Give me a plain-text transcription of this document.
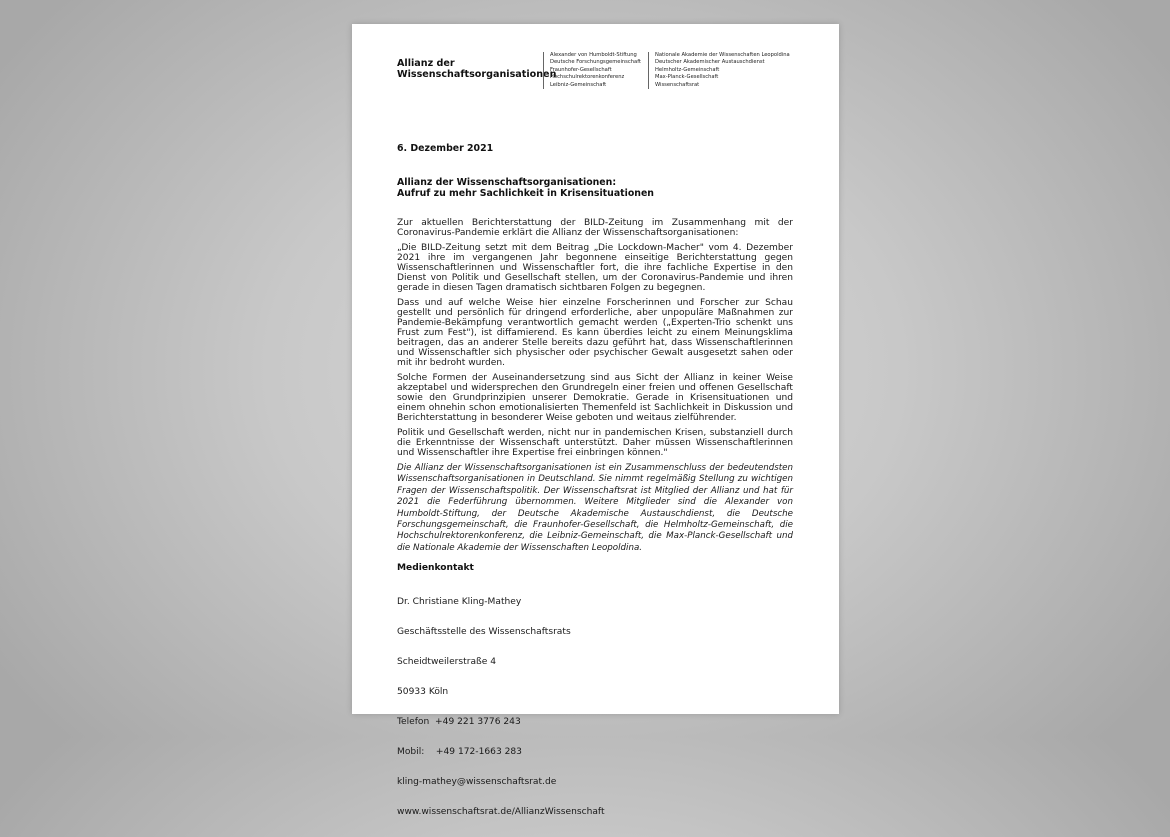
Allianz der
Wissenschaftsorganisationen
Alexander von Humboldt-Stiftung
Deutsche Forschungsgemeinschaft
Fraunhofer-Gesellschaft
Hochschulrektorenkonferenz
Leibniz-Gemeinschaft
Nationale Akademie der Wissenschaften Leopoldina
Deutscher Akademischer Austauschdienst
Helmholtz-Gemeinschaft
Max-Planck-Gesellschaft
Wissenschaftsrat
6. Dezember 2021
Allianz der Wissenschaftsorganisationen:
Aufruf zu mehr Sachlichkeit in Krisensituationen

Zur aktuellen Berichterstattung der BILD-Zeitung im Zusammenhang mit der Coronavirus-Pandemie erklärt die Allianz der Wissenschaftsorganisationen:

„Die BILD-Zeitung setzt mit dem Beitrag „Die Lockdown-Macher" vom 4. Dezember 2021 ihre im vergangenen Jahr begonnene einseitige Berichterstattung gegen Wissenschaftlerinnen und Wissenschaftler fort, die ihre fachliche Expertise in den Dienst von Politik und Gesellschaft stellen, um der Coronavirus-Pandemie und ihren gerade in diesen Tagen dramatisch sichtbaren Folgen zu begegnen.

Dass und auf welche Weise hier einzelne Forscherinnen und Forscher zur Schau gestellt und persönlich für dringend erforderliche, aber unpopuläre Maßnahmen zur Pandemie-Bekämpfung verantwortlich gemacht werden („Experten-Trio schenkt uns Frust zum Fest"), ist diffamierend. Es kann überdies leicht zu einem Meinungsklima beitragen, das an anderer Stelle bereits dazu geführt hat, dass Wissenschaftlerinnen und Wissenschaftler sich physischer oder psychischer Gewalt ausgesetzt sahen oder mit ihr bedroht wurden.

Solche Formen der Auseinandersetzung sind aus Sicht der Allianz in keiner Weise akzeptabel und widersprechen den Grundregeln einer freien und offenen Gesellschaft sowie den Grundprinzipien unserer Demokratie. Gerade in Krisensituationen und einem ohnehin schon emotionalisierten Themenfeld ist Sachlichkeit in Diskussion und Berichterstattung in besonderer Weise geboten und weitaus zielführender.

Politik und Gesellschaft werden, nicht nur in pandemischen Krisen, substanziell durch die Erkenntnisse der Wissenschaft unterstützt. Daher müssen Wissenschaftlerinnen und Wissenschaftler ihre Expertise frei einbringen können."

Die Allianz der Wissenschaftsorganisationen ist ein Zusammenschluss der bedeutendsten Wissenschaftsorganisationen in Deutschland. Sie nimmt regelmäßig Stellung zu wichtigen Fragen der Wissenschaftspolitik. Der Wissenschaftsrat ist Mitglied der Allianz und hat für 2021 die Federführung übernommen. Weitere Mitglieder sind die Alexander von Humboldt-Stiftung, der Deutsche Akademische Austauschdienst, die Deutsche Forschungsgemeinschaft, die Fraunhofer-Gesellschaft, die Helmholtz-Gemeinschaft, die Hochschulrektorenkonferenz, die Leibniz-Gemeinschaft, die Max-Planck-Gesellschaft und die Nationale Akademie der Wissenschaften Leopoldina.
Medienkontakt

Dr. Christiane Kling-Mathey

Geschäftsstelle des Wissenschaftsrats

Scheidtweilerstraße 4

50933 Köln

Telefon  +49 221 3776 243

Mobil:    +49 172-1663 283

kling-mathey@wissenschaftsrat.de

www.wissenschaftsrat.de/AllianzWissenschaft
